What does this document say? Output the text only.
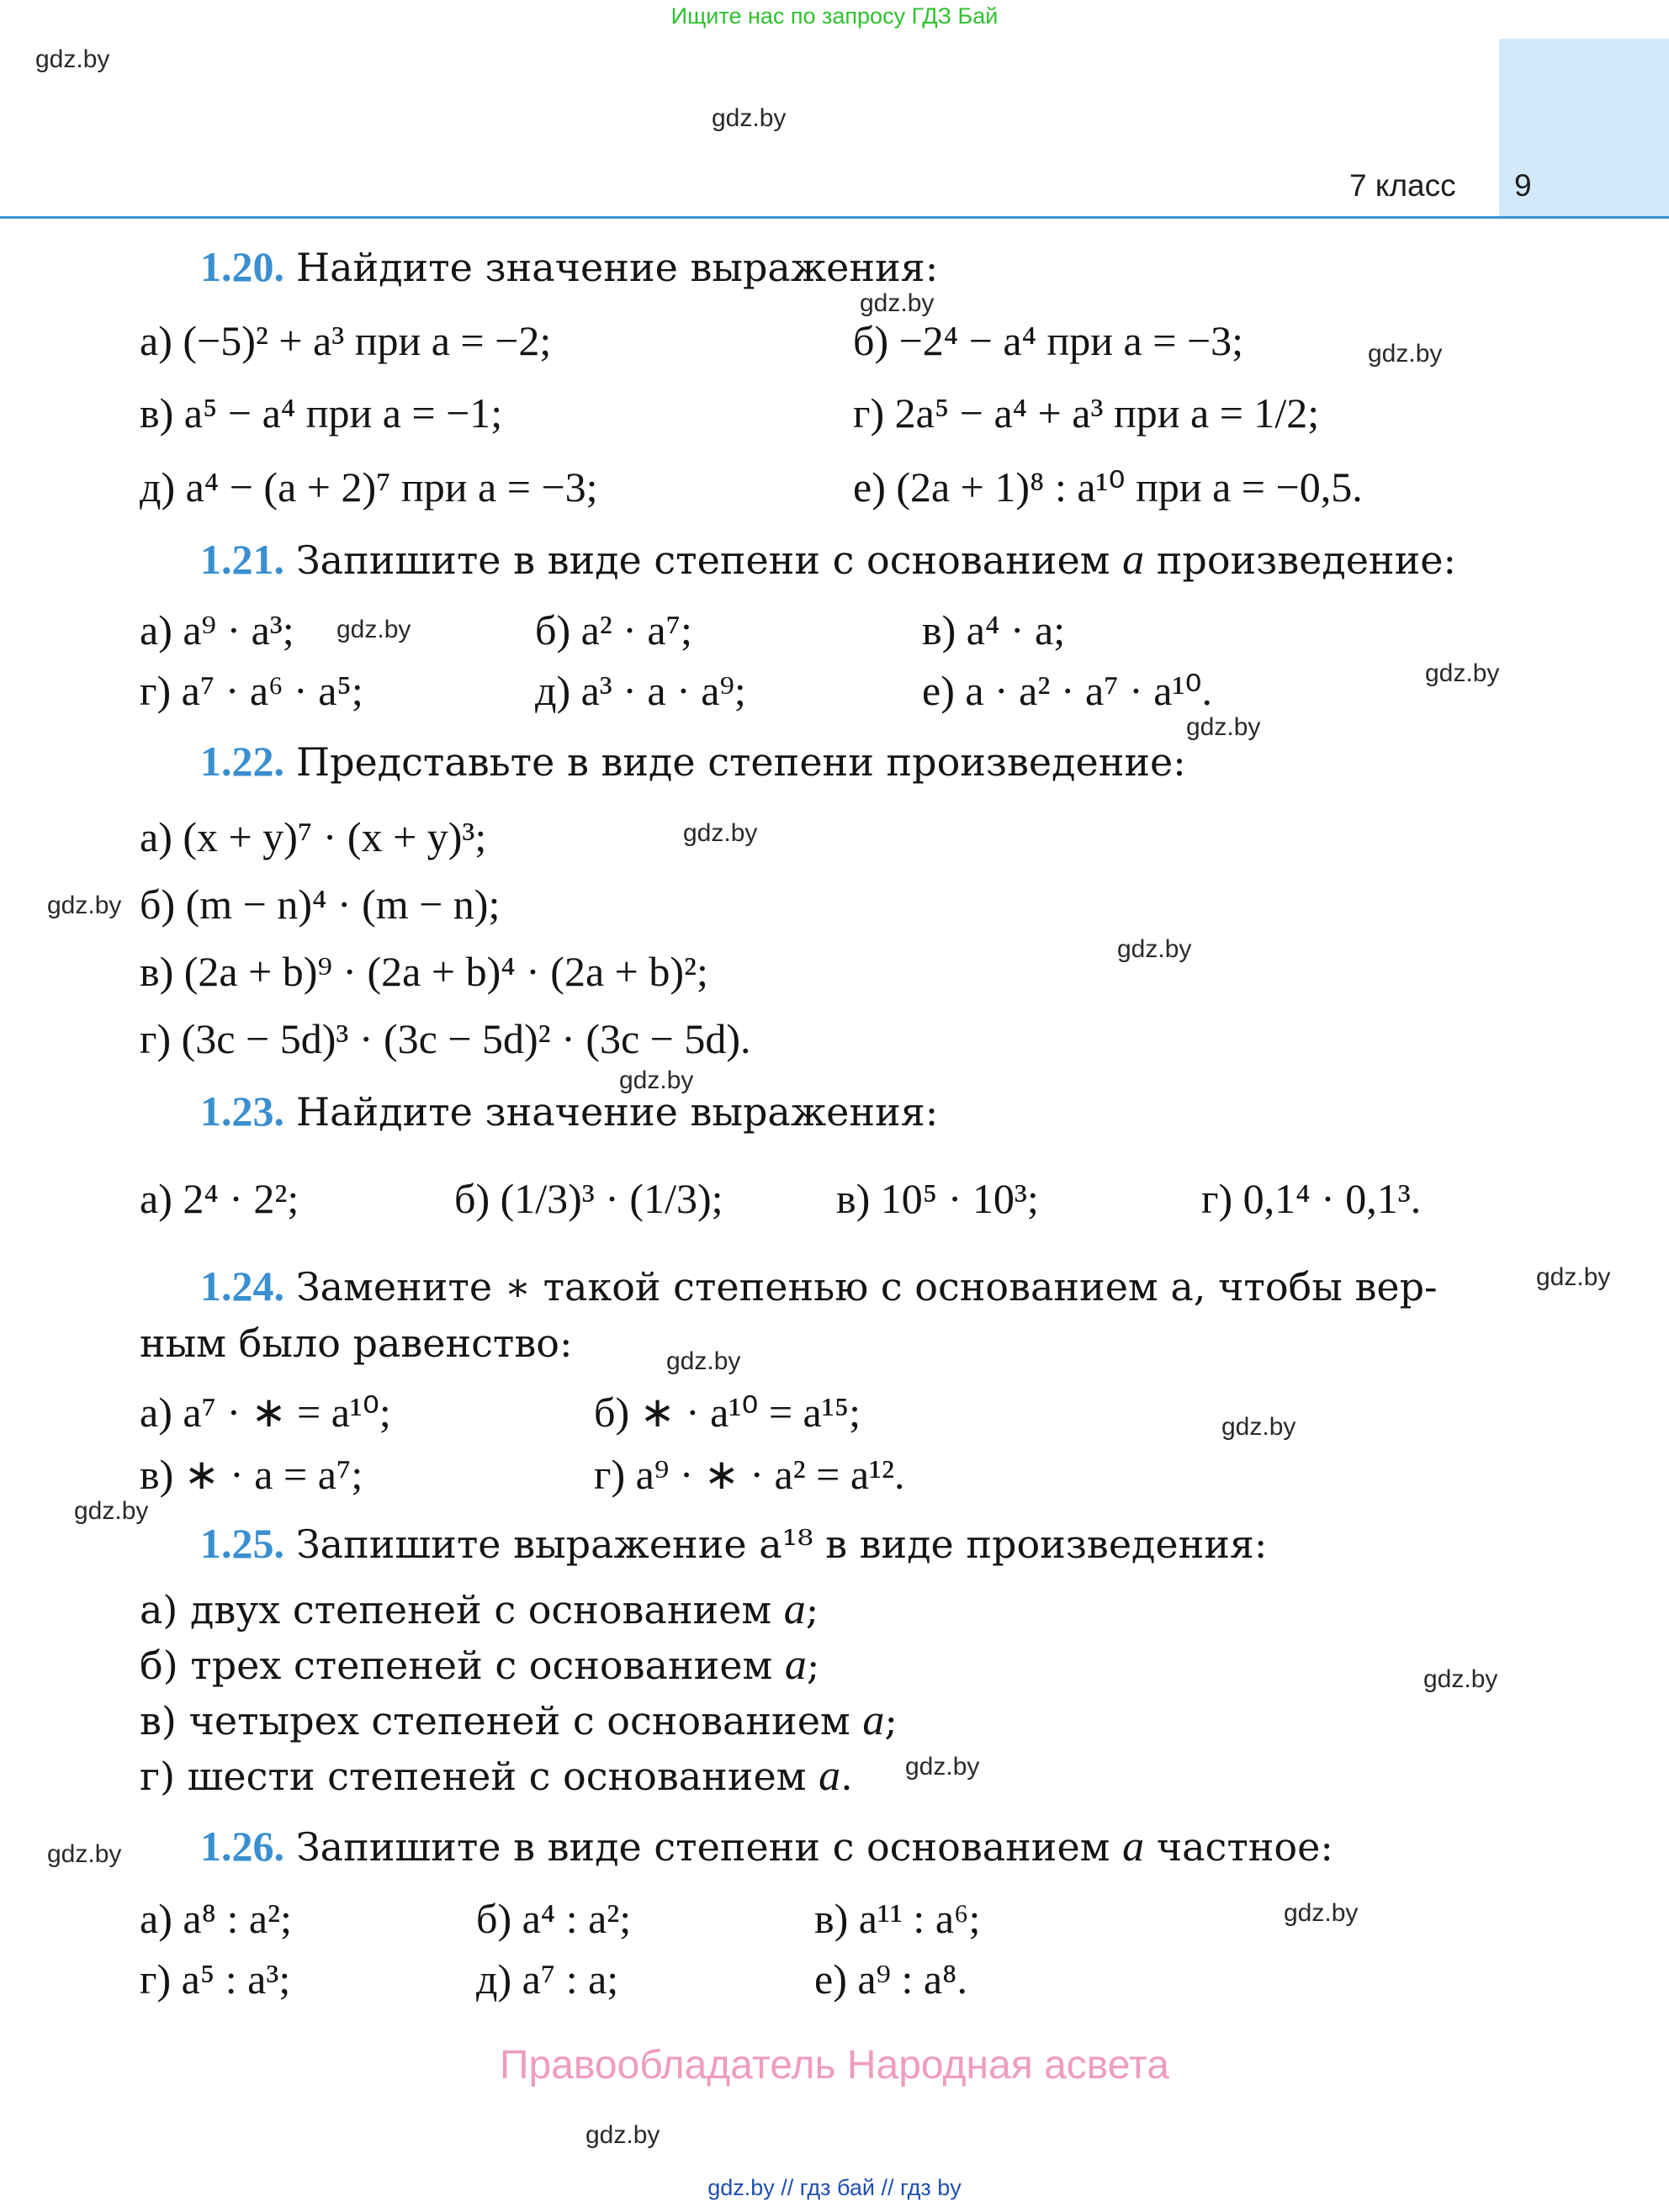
Ищите нас по запросу ГДЗ Бай
7 класс 9
gdz.by
gdz.by
gdz.by
gdz.by
gdz.by
gdz.by
gdz.by
gdz.by
gdz.by
gdz.by
gdz.by
gdz.by
gdz.by
gdz.by
gdz.by
gdz.by
gdz.by
gdz.by
gdz.by
gdz.by
1.20. Найдите значение выражения:
а) (−5)² + a³ при a = −2;	б) −2⁴ − a⁴ при a = −3;
в) a⁵ − a⁴ при a = −1;	г) 2a⁵ − a⁴ + a³ при a = 1/2;
д) a⁴ − (a + 2)⁷ при a = −3;	е) (2a + 1)⁸ : a¹⁰ при a = −0,5.
1.21. Запишите в виде степени с основанием a произведение:
а) a⁹ · a³;	б) a² · a⁷;	в) a⁴ · a;
г) a⁷ · a⁶ · a⁵;	д) a³ · a · a⁹;	е) a · a² · a⁷ · a¹⁰.
1.22. Представьте в виде степени произведение:
а) (x + y)⁷ · (x + y)³;
б) (m − n)⁴ · (m − n);
в) (2a + b)⁹ · (2a + b)⁴ · (2a + b)²;
г) (3c − 5d)³ · (3c − 5d)² · (3c − 5d).
1.23. Найдите значение выражения:
а) 2⁴ · 2²;	б) (1/3)³ · (1/3);	в) 10⁵ · 10³;	г) 0,1⁴ · 0,1³.
1.24. Замените ∗ такой степенью с основанием a, чтобы вер-
ным было равенство:
а) a⁷ · ∗ = a¹⁰;	б) ∗ · a¹⁰ = a¹⁵;
в) ∗ · a = a⁷;	г) a⁹ · ∗ · a² = a¹².
1.25. Запишите выражение a¹⁸ в виде произведения:
а) двух степеней с основанием a;
б) трех степеней с основанием a;
в) четырех степеней с основанием a;
г) шести степеней с основанием a.
1.26. Запишите в виде степени с основанием a частное:
а) a⁸ : a²;	б) a⁴ : a²;	в) a¹¹ : a⁶;
г) a⁵ : a³;	д) a⁷ : a;	е) a⁹ : a⁸.
Правообладатель Народная асвета
gdz.by // гдз бай // гдз by
